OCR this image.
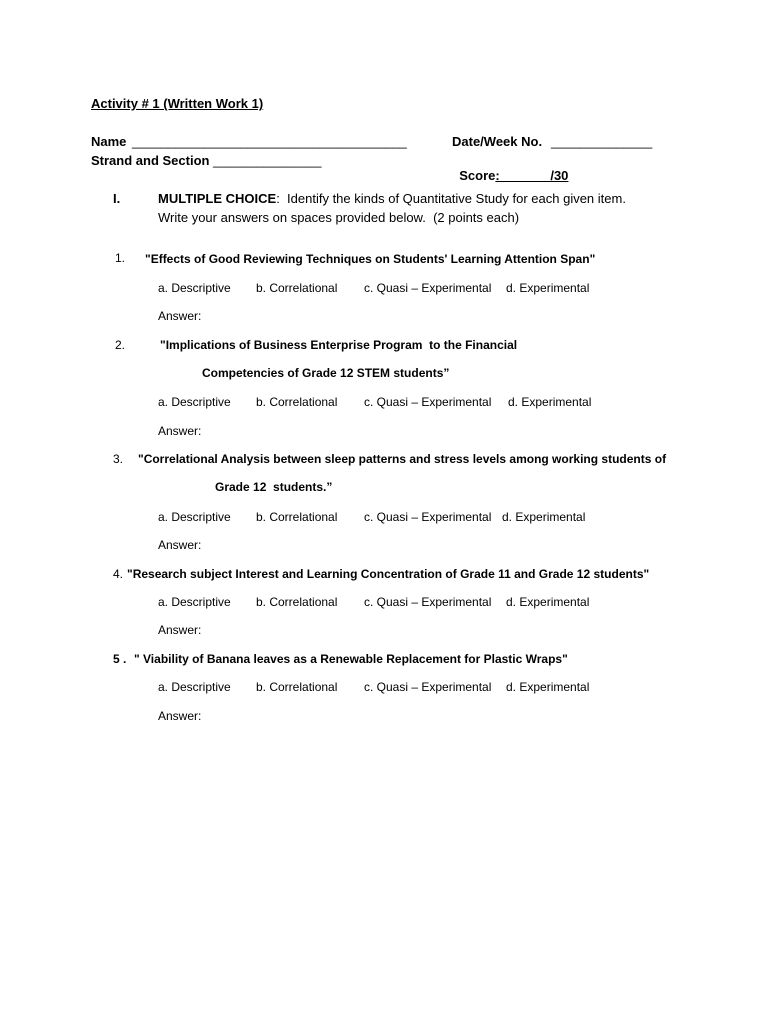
Activity # 1 (Written Work 1)
Name ______________________________________	Date/Week No. ______________
Strand and Section _______________

Score:_______/30

I.	MULTIPLE CHOICE:  Identify the kinds of Quantitative Study for each given item.
Write your answers on spaces provided below.  (2 points each)
1. "Effects of Good Reviewing Techniques on Students' Learning Attention Span"
a. Descriptive b. Correlational c. Quasi – Experimental d. Experimental
Answer:
2.	"Implications of Business Enterprise Program  to the Financial
Competencies of Grade 12 STEM students”
a. Descriptive b. Correlational c. Quasi – Experimental d. Experimental
Answer:
3. "Correlational Analysis between sleep patterns and stress levels among working students of
Grade 12  students.”
a. Descriptive b. Correlational c. Quasi – Experimental d. Experimental
Answer:
4. "Research subject Interest and Learning Concentration of Grade 11 and Grade 12 students"
a. Descriptive b. Correlational c. Quasi – Experimental d. Experimental
Answer:
5 . " Viability of Banana leaves as a Renewable Replacement for Plastic Wraps"
a. Descriptive b. Correlational c. Quasi – Experimental d. Experimental
Answer:
